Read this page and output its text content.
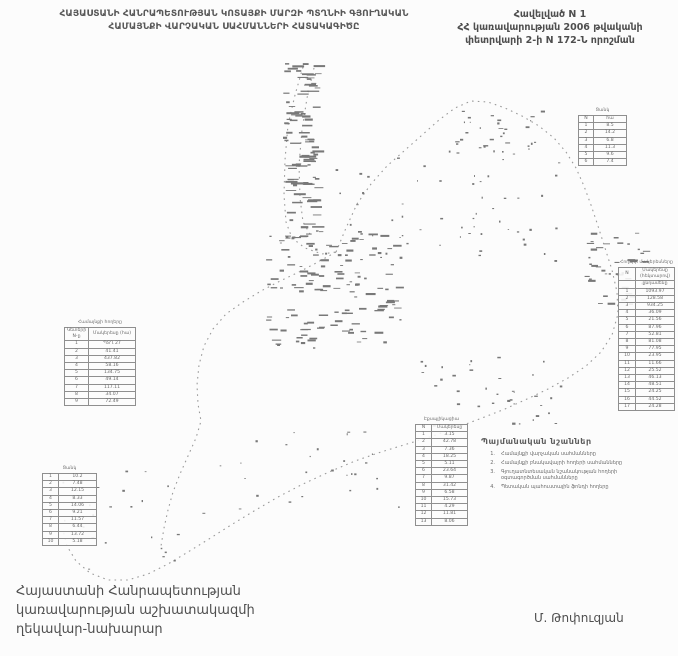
ՀԱՅԱՍՏԱՆԻ ՀԱՆՐԱՊԵՏՈՒԹՅԱՆ ԿՈՏԱՅՔԻ ՄԱՐԶԻ ՊՏՂՆԻԻ ԳՅՈՒՂԱԿԱՆ
ՀԱՄԱՅՆՔԻ ՎԱՐՉԱԿԱՆ ՍԱՀՄԱՆՆԵՐԻ ՀԱՏԱԿԱԳԻԾԸ
Հավելված N 1
ՀՀ կառավարության 2006 թվականի
փետրվարի 2-ի N 172-Ն որոշման
Ցանկ
N	հա
1	8.5
2	14.2
3	6.8
4	11.3
5	9.6
6	7.4
Հողերի մակերեսները
N	Մակերեսը (հեկտարով)
	ընդամենը
1	1093.97
2	128.58
3	934.25
4	36.09
5	21.56
6	87.96
7	52.81
8	81.08
9	77.95
10	23.95
11	11.66
12	25.52
13	46.13
14	48.51
15	24.25
16	44.52
17	24.28
Համայնքի հողերը
Կետերի N-ը	Մակերեսը (հա)
1	ՊՏՂ 27
2	41.41
3	437.82
4	58.16
5	134.75
6	49.14
7	117.11
8	34.07
9	72.49
Էքսպլիկացիա
N	Մակերեսը
1	3.15
2	42.78
3	7.36
4	18.25
5	5.11
6	23.64
7	9.87
8	31.42
9	6.58
10	15.73
11	4.29
12	11.81
13	8.06
Ցանկ
1	10.2
2	7.48
3	12.15
4	8.33
5	14.06
6	9.21
7	11.57
8	6.44
9	13.72
10	5.18
Պայմանական նշաններ
1. Համայնքի վարչական սահմանները
2. Համայնքի բնակավայրի հողերի սահմանները
3. Գյուղատնտեսական նշանակության հողերի օգտագործման սահմանները
4. Պետական պահուստային ֆոնդի հողերը
Հայաստանի Հանրապետության
կառավարության աշխատակազմի
ղեկավար-նախարար
Մ. Թոփուզյան
